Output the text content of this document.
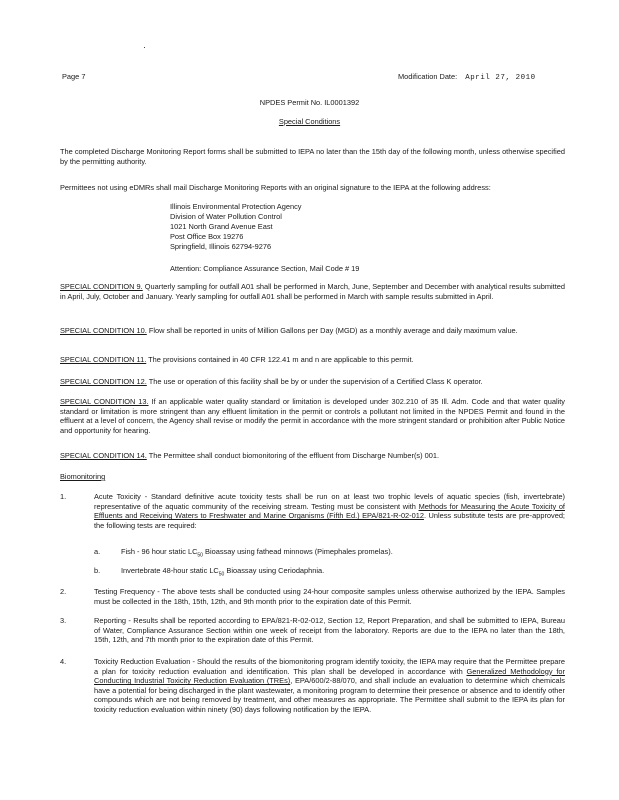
·
Page 7	Modification Date: April 27, 2010
NPDES Permit No. IL0001392
Special Conditions

The completed Discharge Monitoring Report forms shall be submitted to IEPA no later than the 15th day of the following month, unless otherwise specified by the permitting authority.

Permittees not using eDMRs shall mail Discharge Monitoring Reports with an original signature to the IEPA at the following address:

Illinois Environmental Protection Agency
Division of Water Pollution Control
1021 North Grand Avenue East
Post Office Box 19276
Springfield, Illinois 62794-9276
Attention: Compliance Assurance Section, Mail Code # 19

SPECIAL CONDITION 9. Quarterly sampling for outfall A01 shall be performed in March, June, September and December with analytical results submitted in April, July, October and January. Yearly sampling for outfall A01 shall be performed in March with sample results submitted in April.

SPECIAL CONDITION 10. Flow shall be reported in units of Million Gallons per Day (MGD) as a monthly average and daily maximum value.

SPECIAL CONDITION 11. The provisions contained in 40 CFR 122.41 m and n are applicable to this permit.

SPECIAL CONDITION 12. The use or operation of this facility shall be by or under the supervision of a Certified Class K operator.

SPECIAL CONDITION 13. If an applicable water quality standard or limitation is developed under 302.210 of 35 Ill. Adm. Code and that water quality standard or limitation is more stringent than any effluent limitation in the permit or controls a pollutant not limited in the NPDES Permit and found in the effluent at a level of concern, the Agency shall revise or modify the permit in accordance with the more stringent standard or prohibition after Public Notice and opportunity for hearing.

SPECIAL CONDITION 14. The Permittee shall conduct biomonitoring of the effluent from Discharge Number(s) 001.

Biomonitoring
1.	Acute Toxicity - Standard definitive acute toxicity tests shall be run on at least two trophic levels of aquatic species (fish, invertebrate) representative of the aquatic community of the receiving stream. Testing must be consistent with Methods for Measuring the Acute Toxicity of Effluents and Receiving Waters to Freshwater and Marine Organisms (Fifth Ed.) EPA/821-R-02-012. Unless substitute tests are pre-approved; the following tests are required:

a.	Fish - 96 hour static $LC_{50}$ Bioassay using fathead minnows (Pimephales promelas).

b.	Invertebrate 48-hour static $LC_{50}$ Bioassay using Ceriodaphnia.

2.	Testing Frequency - The above tests shall be conducted using 24-hour composite samples unless otherwise authorized by the IEPA. Samples must be collected in the 18th, 15th, 12th, and 9th month prior to the expiration date of this Permit.

3.	Reporting - Results shall be reported according to EPA/821-R-02-012, Section 12, Report Preparation, and shall be submitted to IEPA, Bureau of Water, Compliance Assurance Section within one week of receipt from the laboratory. Reports are due to the IEPA no later than the 18th, 15th, 12th, and 7th month prior to the expiration date of this Permit.

4.	Toxicity Reduction Evaluation - Should the results of the biomonitoring program identify toxicity, the IEPA may require that the Permittee prepare a plan for toxicity reduction evaluation and identification. This plan shall be developed in accordance with Generalized Methodology for Conducting Industrial Toxicity Reduction Evaluation (TREs), EPA/600/2-88/070, and shall include an evaluation to determine which chemicals have a potential for being discharged in the plant wastewater, a monitoring program to determine their presence or absence and to identify other compounds which are not being removed by treatment, and other measures as appropriate. The Permittee shall submit to the IEPA its plan for toxicity reduction evaluation within ninety (90) days following notification by the IEPA.
